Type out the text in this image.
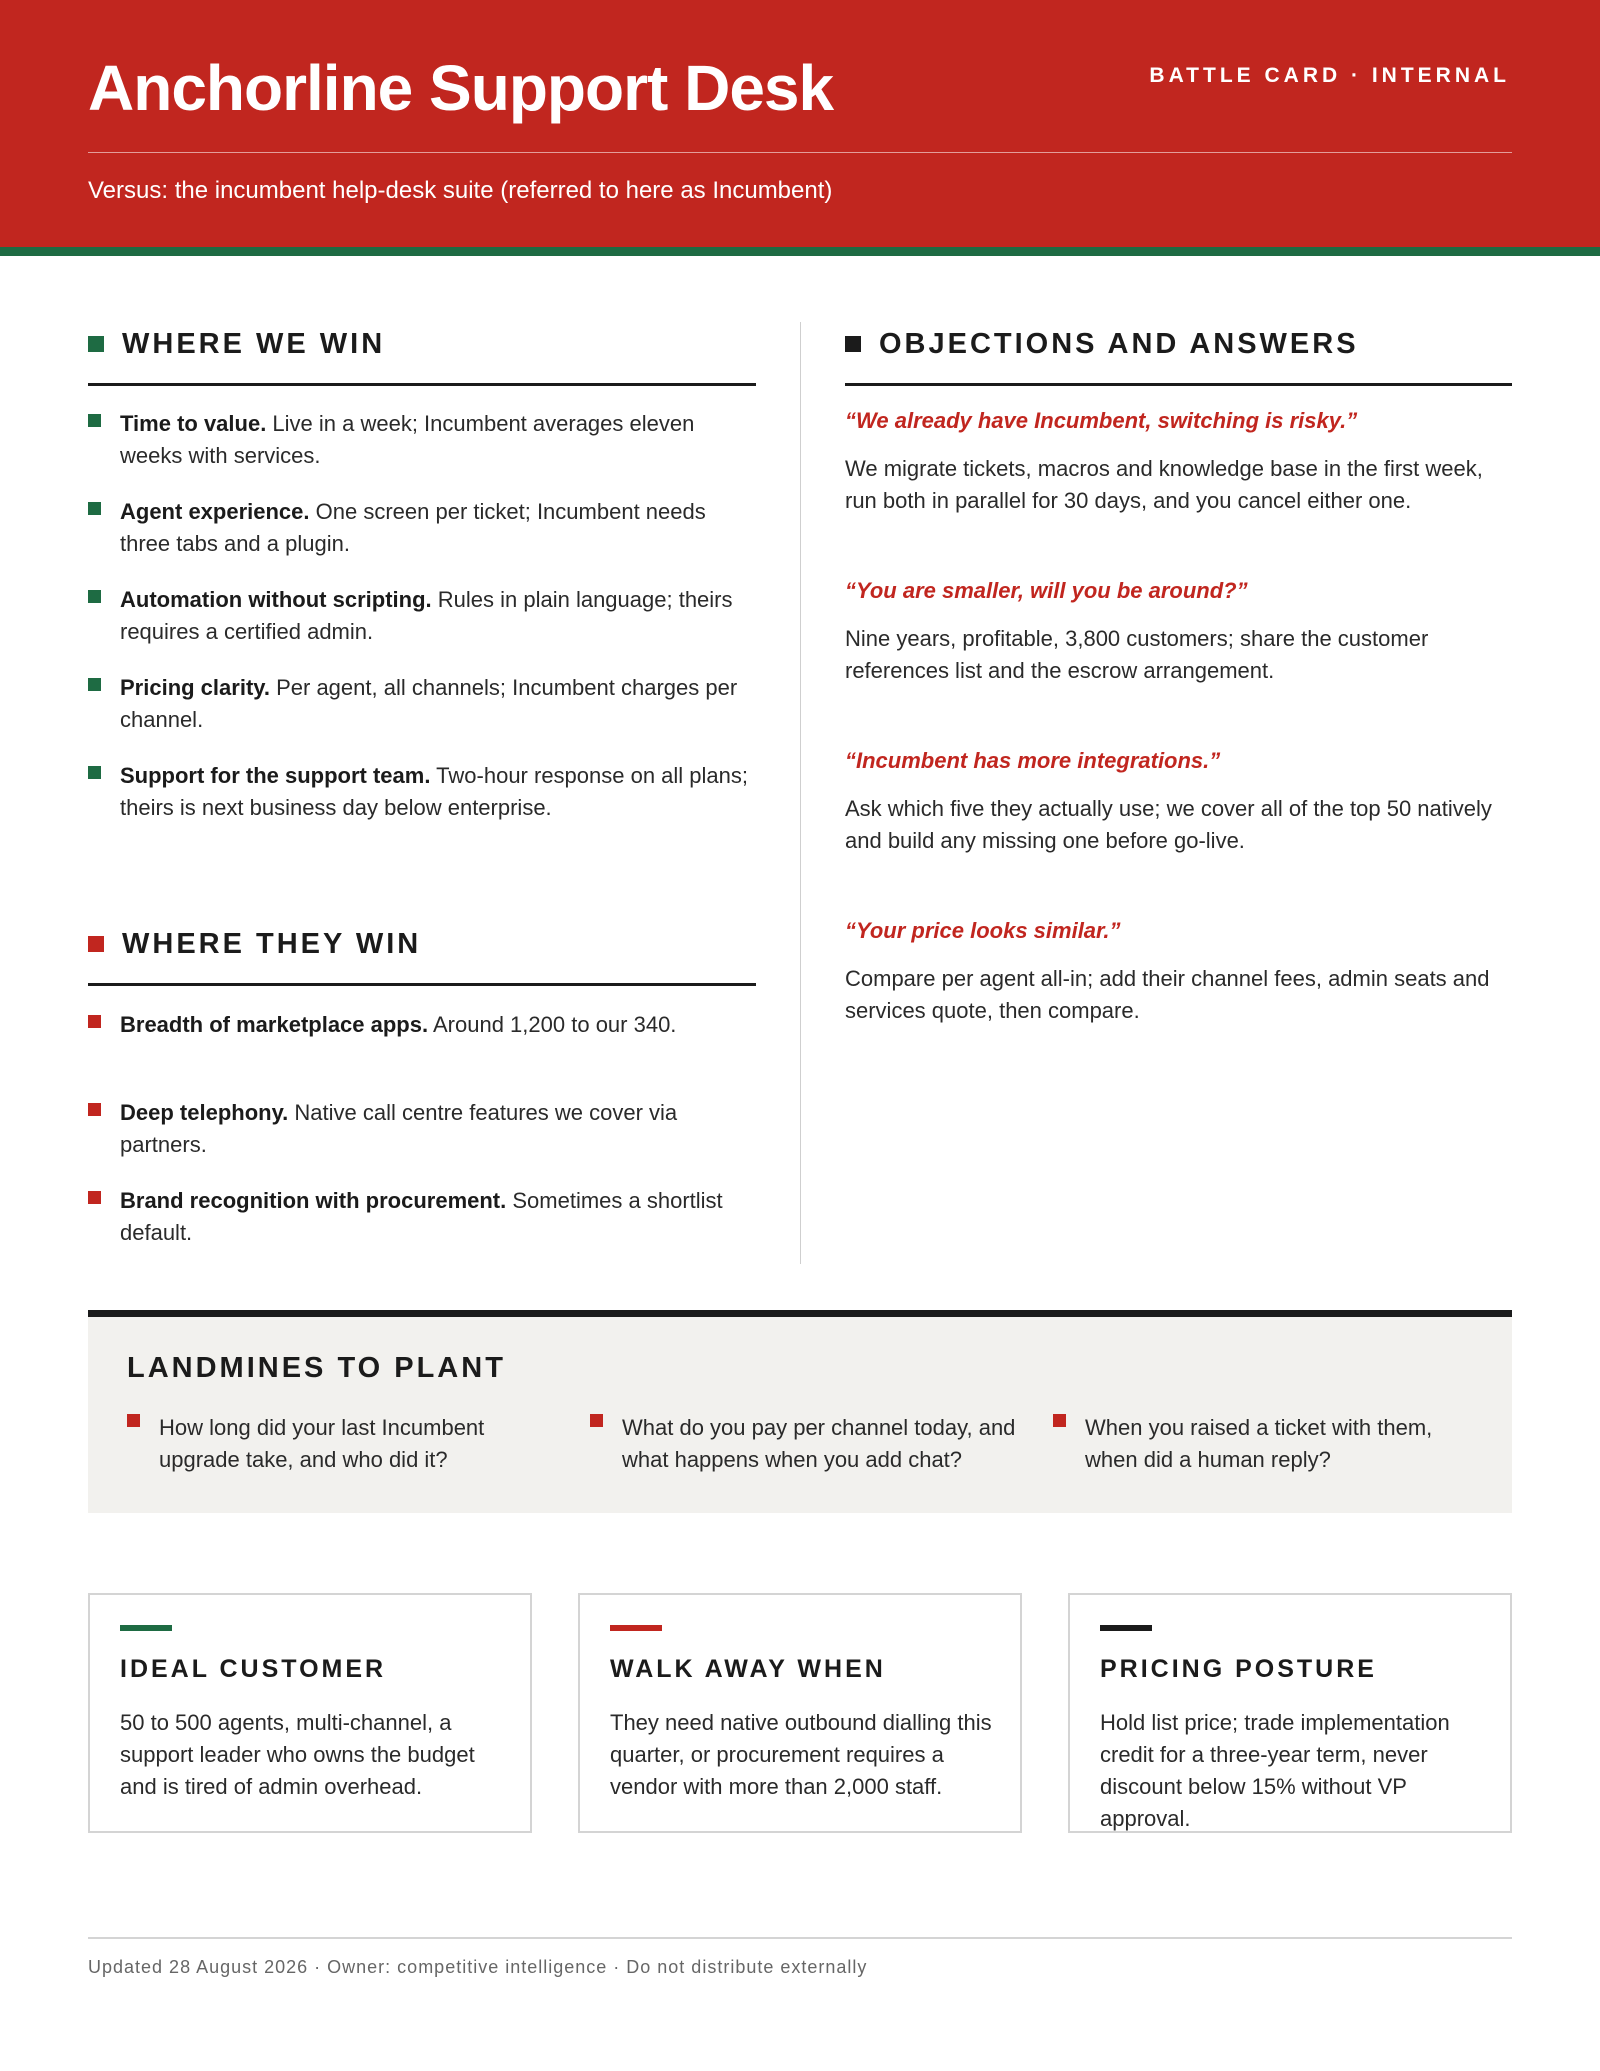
Anchorline Support Desk	BATTLE CARD · INTERNAL
Versus: the incumbent help-desk suite (referred to here as Incumbent)
WHERE WE WIN
Time to value. Live in a week; Incumbent averages eleven weeks with services.
Agent experience. One screen per ticket; Incumbent needs three tabs and a plugin.
Automation without scripting. Rules in plain language; theirs requires a certified admin.
Pricing clarity. Per agent, all channels; Incumbent charges per channel.
Support for the support team. Two-hour response on all plans; theirs is next business day below enterprise.
WHERE THEY WIN
Breadth of marketplace apps. Around 1,200 to our 340.
Deep telephony. Native call centre features we cover via partners.
Brand recognition with procurement. Sometimes a shortlist default.
OBJECTIONS AND ANSWERS
“We already have Incumbent, switching is risky.”
We migrate tickets, macros and knowledge base in the first week, run both in parallel for 30 days, and you cancel either one.
“You are smaller, will you be around?”
Nine years, profitable, 3,800 customers; share the customer references list and the escrow arrangement.
“Incumbent has more integrations.”
Ask which five they actually use; we cover all of the top 50 natively and build any missing one before go-live.
“Your price looks similar.”
Compare per agent all-in; add their channel fees, admin seats and services quote, then compare.
LANDMINES TO PLANT
How long did your last Incumbent upgrade take, and who did it?
What do you pay per channel today, and what happens when you add chat?
When you raised a ticket with them, when did a human reply?
IDEAL CUSTOMER
50 to 500 agents, multi-channel, a support leader who owns the budget and is tired of admin overhead.
WALK AWAY WHEN
They need native outbound dialling this quarter, or procurement requires a vendor with more than 2,000 staff.
PRICING POSTURE
Hold list price; trade implementation credit for a three-year term, never discount below 15% without VP approval.
Updated 28 August 2026 · Owner: competitive intelligence · Do not distribute externally
